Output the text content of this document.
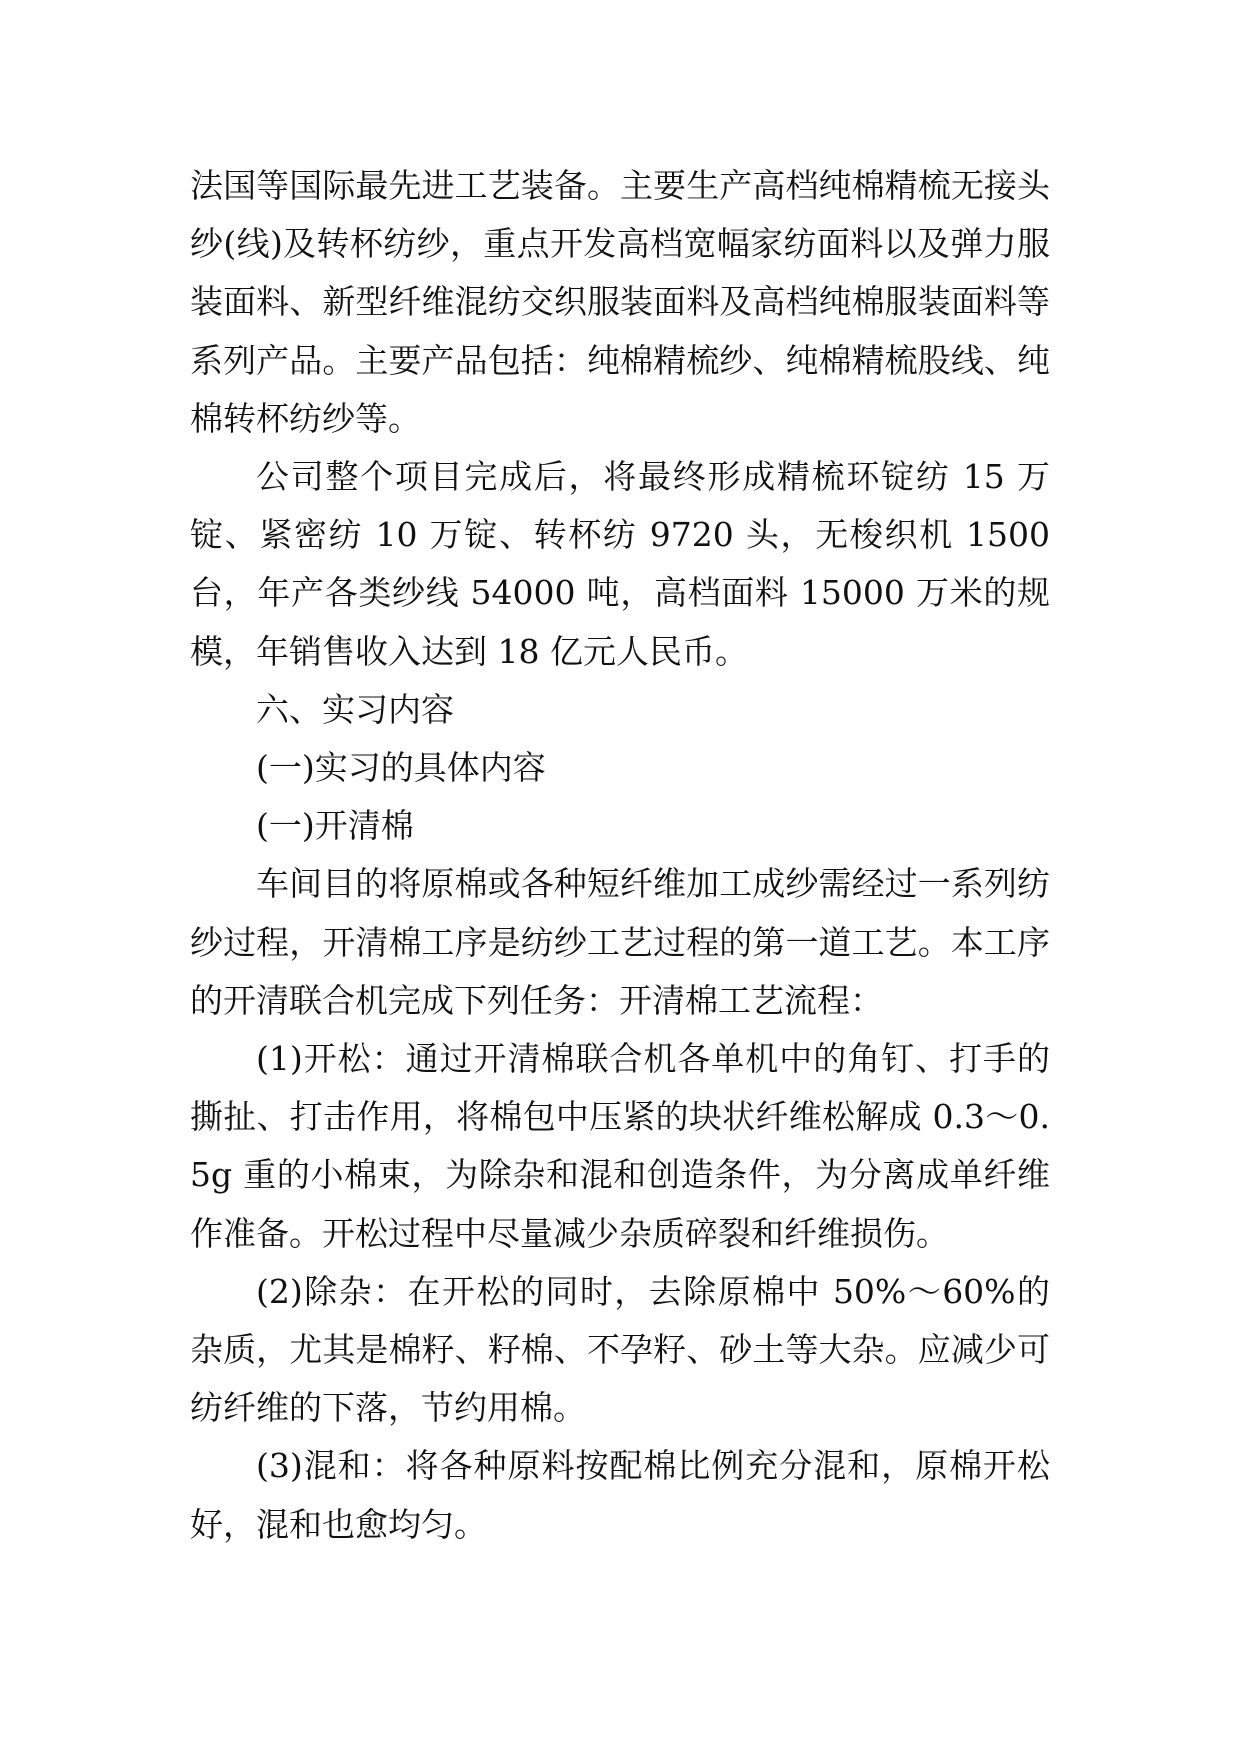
法国等国际最先进工艺装备。主要生产高档纯棉精梳无接头纱(线)及转杯纺纱，重点开发高档宽幅家纺面料以及弹力服装面料、新型纤维混纺交织服装面料及高档纯棉服装面料等系列产品。主要产品包括：纯棉精梳纱、纯棉精梳股线、纯棉转杯纺纱等。

公司整个项目完成后，将最终形成精梳环锭纺 15 万锭、紧密纺 10 万锭、转杯纺 9720 头，无梭织机 1500 台，年产各类纱线 54000 吨，高档面料 15000 万米的规模，年销售收入达到 18 亿元人民币。

六、实习内容

(一)实习的具体内容

(一)开清棉

车间目的将原棉或各种短纤维加工成纱需经过一系列纺纱过程，开清棉工序是纺纱工艺过程的第一道工艺。本工序的开清联合机完成下列任务：开清棉工艺流程：

(1)开松：通过开清棉联合机各单机中的角钉、打手的撕扯、打击作用，将棉包中压紧的块状纤维松解成 0.3～0.5g 重的小棉束，为除杂和混和创造条件，为分离成单纤维作准备。开松过程中尽量减少杂质碎裂和纤维损伤。

(2)除杂：在开松的同时，去除原棉中 50%～60%的杂质，尤其是棉籽、籽棉、不孕籽、砂土等大杂。应减少可纺纤维的下落，节约用棉。

(3)混和：将各种原料按配棉比例充分混和，原棉开松好，混和也愈均匀。
